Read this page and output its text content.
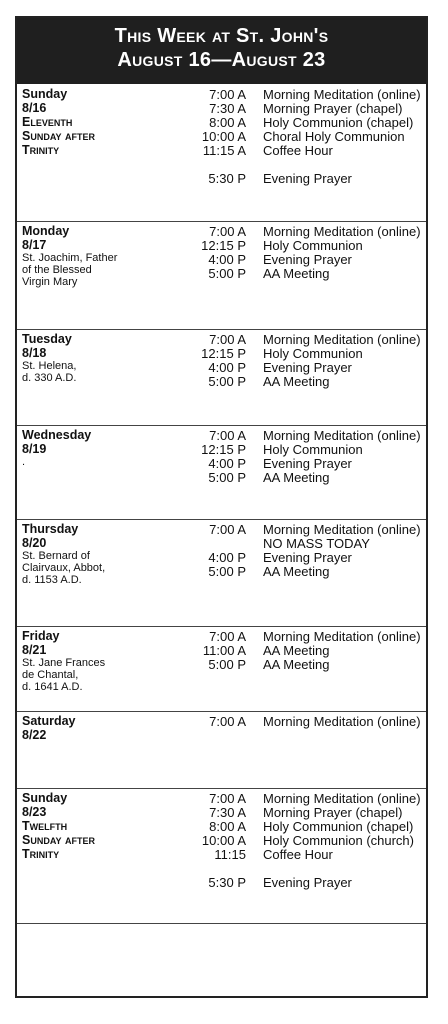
This Week at St. John's
August 16—August 23
Sunday
8/16
Eleventh
Sunday after
Trinity
7:00 A Morning Meditation (online)
7:30 A Morning Prayer (chapel)
8:00 A Holy Communion (chapel)
10:00 A Choral Holy Communion
11:15 A Coffee Hour
5:30 P Evening Prayer
Monday
8/17
St. Joachim, Father
of the Blessed
Virgin Mary
7:00 A Morning Meditation (online)
12:15 P Holy Communion
4:00 P Evening Prayer
5:00 P AA Meeting
Tuesday
8/18
St. Helena,
d. 330 A.D.
7:00 A Morning Meditation (online)
12:15 P Holy Communion
4:00 P Evening Prayer
5:00 P AA Meeting
Wednesday
8/19
.
7:00 A Morning Meditation (online)
12:15 P Holy Communion
4:00 P Evening Prayer
5:00 P AA Meeting
Thursday
8/20
St. Bernard of
Clairvaux, Abbot,
d. 1153 A.D.
7:00 A Morning Meditation (online)
NO MASS TODAY
4:00 P Evening Prayer
5:00 P AA Meeting
Friday
8/21
St. Jane Frances
de Chantal,
d. 1641 A.D.
7:00 A Morning Meditation (online)
11:00 A AA Meeting
5:00 P AA Meeting
Saturday
8/22
7:00 A Morning Meditation (online)
Sunday
8/23
Twelfth
Sunday after
Trinity
7:00 A Morning Meditation (online)
7:30 A Morning Prayer (chapel)
8:00 A Holy Communion (chapel)
10:00 A Holy Communion (church)
11:15 Coffee Hour
5:30 P Evening Prayer
